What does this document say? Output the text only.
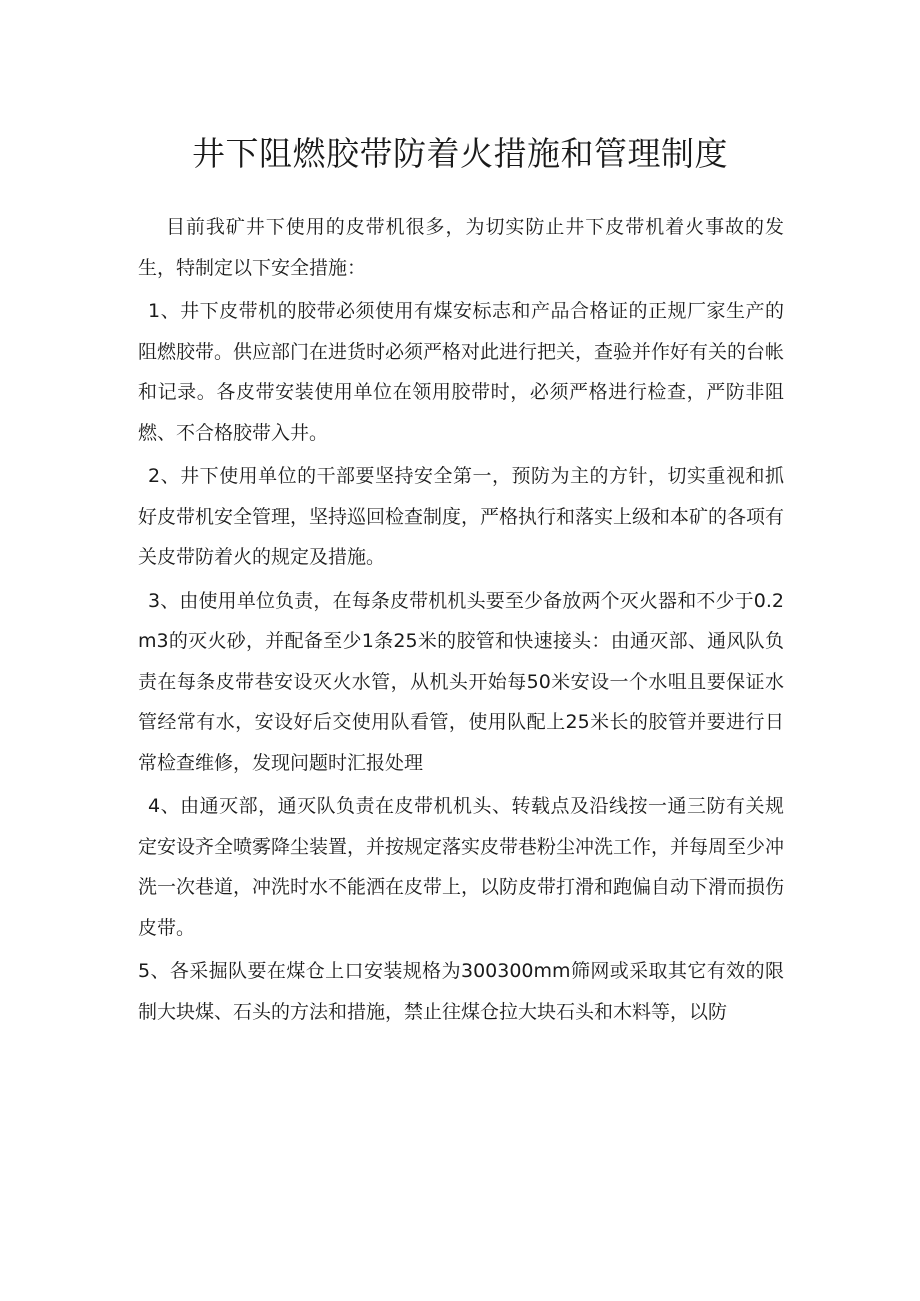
井下阻燃胶带防着火措施和管理制度

目前我矿井下使用的皮带机很多，为切实防止井下皮带机着火事故的发生，特制定以下安全措施：

1、井下皮带机的胶带必须使用有煤安标志和产品合格证的正规厂家生产的阻燃胶带。供应部门在进货时必须严格对此进行把关，查验并作好有关的台帐和记录。各皮带安装使用单位在领用胶带时，必须严格进行检查，严防非阻燃、不合格胶带入井。

2、井下使用单位的干部要坚持安全第一，预防为主的方针，切实重视和抓好皮带机安全管理，坚持巡回检查制度，严格执行和落实上级和本矿的各项有关皮带防着火的规定及措施。

3、由使用单位负责，在每条皮带机机头要至少备放两个灭火器和不少于0.2m3的灭火砂，并配备至少1条25米的胶管和快速接头：由通灭部、通风队负责在每条皮带巷安设灭火水管，从机头开始每50米安设一个水咀且要保证水管经常有水，安设好后交使用队看管，使用队配上25米长的胶管并要进行日常检查维修，发现问题时汇报处理

4、由通灭部，通灭队负责在皮带机机头、转载点及沿线按一通三防有关规定安设齐全喷雾降尘装置，并按规定落实皮带巷粉尘冲洗工作，并每周至少冲洗一次巷道，冲洗时水不能洒在皮带上，以防皮带打滑和跑偏自动下滑而损伤皮带。

5、各采掘队要在煤仓上口安装规格为300300mm筛网或采取其它有效的限制大块煤、石头的方法和措施，禁止往煤仓拉大块石头和木料等，以防
